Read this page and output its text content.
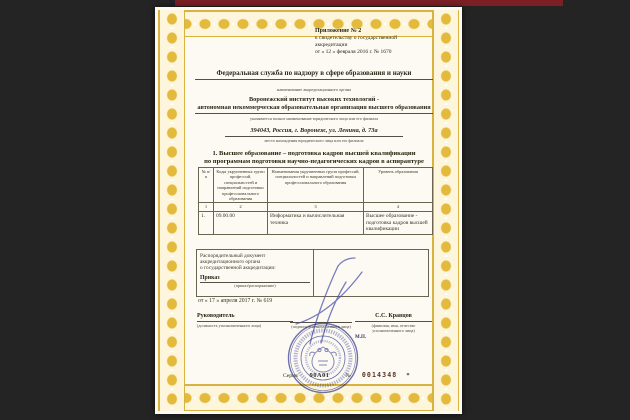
Приложение № 2
к свидетельству о государственной
аккредитации
от « 12 » февраля 2016 г. № 1670
Федеральная служба по надзору в сфере образования и науки
наименование аккредитационного органа
Воронежский институт высоких технологий -
автономная некоммерческая образовательная организация высшего образования
указывается полное наименование юридического лица или его филиала
394043, Россия, г. Воронеж, ул. Ленина, д. 73а
место нахождения юридического лица или его филиала
1. Высшее образование – подготовка кадров высшей квалификации
по программам подготовки научно-педагогических кадров в аспирантуре
№ п/п	Коды укрупненных групп профессий, специальностей и направлений подготовки профессионального образования	Наименования укрупненных групп профессий, специальностей и направлений подготовки профессионального образования	Уровень образования
1	2	3	4
1.	09.00.00	Информатика и вычислительная техника	Высшее образование - подготовка кадров высшей квалификации
Распорядительный документ
аккредитационного органа
о государственной аккредитации:
Приказ
(приказ/распоряжение)
от « 17 » апреля 2017 г. № 619
Руководитель
(должность уполномоченного лица)	(подпись уполномоченного лица)
С.С. Кравцов
(фамилия, имя, отчество
уполномоченного лица)
М.П.
Серия 90А01	№ 0014348 *
